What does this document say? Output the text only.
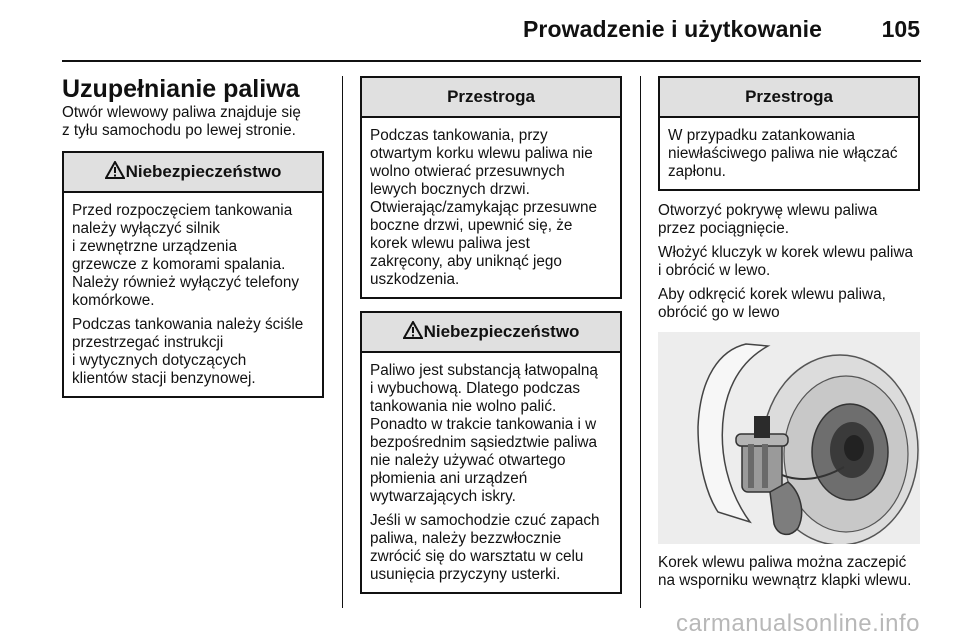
Prowadzenie i użytkowanie	105
Uzupełnianie paliwa

Otwór wlewowy paliwa znajduje się
z tyłu samochodu po lewej stronie.

Niebezpieczeństwo

Przed rozpoczęciem tankowania
należy wyłączyć silnik
i zewnętrzne urządzenia
grzewcze z komorami spalania.
Należy również wyłączyć telefony
komórkowe.

Podczas tankowania należy ściśle
przestrzegać instrukcji
i wytycznych dotyczących
klientów stacji benzynowej.

Przestroga

Podczas tankowania, przy
otwartym korku wlewu paliwa nie
wolno otwierać przesuwnych
lewych bocznych drzwi.
Otwierając/zamykając przesuwne
boczne drzwi, upewnić się, że
korek wlewu paliwa jest
zakręcony, aby uniknąć jego
uszkodzenia.

Niebezpieczeństwo

Paliwo jest substancją łatwopalną
i wybuchową. Dlatego podczas
tankowania nie wolno palić.
Ponadto w trakcie tankowania i w
bezpośrednim sąsiedztwie paliwa
nie należy używać otwartego
płomienia ani urządzeń
wytwarzających iskry.

Jeśli w samochodzie czuć zapach
paliwa, należy bezzwłocznie
zwrócić się do warsztatu w celu
usunięcia przyczyny usterki.

Przestroga

W przypadku zatankowania
niewłaściwego paliwa nie włączać
zapłonu.

Otworzyć pokrywę wlewu paliwa
przez pociągnięcie.

Włożyć kluczyk w korek wlewu paliwa
i obrócić w lewo.

Aby odkręcić korek wlewu paliwa,
obrócić go w lewo

Korek wlewu paliwa można zaczepić
na wsporniku wewnątrz klapki wlewu.

carmanualsonline.info
